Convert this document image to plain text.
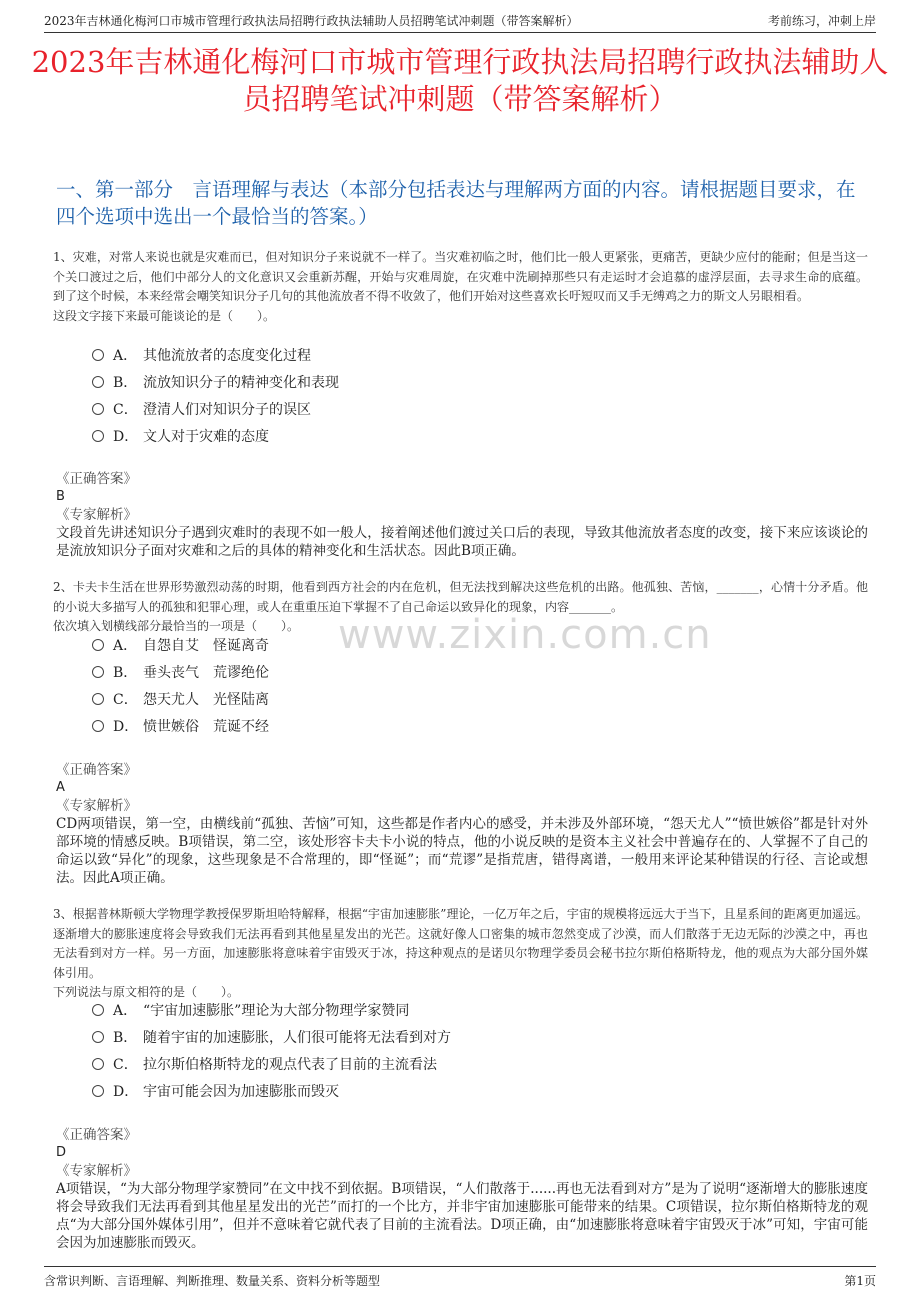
2023年吉林通化梅河口市城市管理行政执法局招聘行政执法辅助人员招聘笔试冲刺题（带答案解析）	考前练习，冲刺上岸
2023年吉林通化梅河口市城市管理行政执法局招聘行政执法辅助人员招聘笔试冲刺题（带答案解析）
一、第一部分　言语理解与表达（本部分包括表达与理解两方面的内容。请根据题目要求，在四个选项中选出一个最恰当的答案。）
1、灾难，对常人来说也就是灾难而已，但对知识分子来说就不一样了。当灾难初临之时，他们比一般人更紧张，更痛苦，更缺少应付的能耐；但是当这一个关口渡过之后，他们中部分人的文化意识又会重新苏醒，开始与灾难周旋，在灾难中洗刷掉那些只有走运时才会追慕的虚浮层面，去寻求生命的底蕴。到了这个时候，本来经常会嘲笑知识分子几句的其他流放者不得不收敛了，他们开始对这些喜欢长吁短叹而又手无缚鸡之力的斯文人另眼相看。
这段文字接下来最可能谈论的是（　　）。
A． 其他流放者的态度变化过程
B． 流放知识分子的精神变化和表现
C． 澄清人们对知识分子的误区
D． 文人对于灾难的态度
《正确答案》
B
《专家解析》
文段首先讲述知识分子遇到灾难时的表现不如一般人，接着阐述他们渡过关口后的表现，导致其他流放者态度的改变，接下来应该谈论的是流放知识分子面对灾难和之后的具体的精神变化和生活状态。因此B项正确。
2、卡夫卡生活在世界形势激烈动荡的时期，他看到西方社会的内在危机，但无法找到解决这些危机的出路。他孤独、苦恼，_______，心情十分矛盾。他的小说大多描写人的孤独和犯罪心理，或人在重重压迫下掌握不了自己命运以致异化的现象，内容_______。
依次填入划横线部分最恰当的一项是（　　）。
A． 自怨自艾　怪诞离奇
B． 垂头丧气　荒谬绝伦
C． 怨天尤人　光怪陆离
D． 愤世嫉俗　荒诞不经
《正确答案》
A
《专家解析》
CD两项错误，第一空，由横线前“孤独、苦恼”可知，这些都是作者内心的感受，并未涉及外部环境，“怨天尤人”“愤世嫉俗”都是针对外部环境的情感反映。B项错误，第二空，该处形容卡夫卡小说的特点，他的小说反映的是资本主义社会中普遍存在的、人掌握不了自己的命运以致“异化”的现象，这些现象是不合常理的，即“怪诞”；而“荒谬”是指荒唐，错得离谱，一般用来评论某种错误的行径、言论或想法。因此A项正确。
3、根据普林斯顿大学物理学教授保罗斯坦哈特解释，根据“宇宙加速膨胀”理论，一亿万年之后，宇宙的规模将远远大于当下，且星系间的距离更加遥远。逐渐增大的膨胀速度将会导致我们无法再看到其他星星发出的光芒。这就好像人口密集的城市忽然变成了沙漠，而人们散落于无边无际的沙漠之中，再也无法看到对方一样。另一方面，加速膨胀将意味着宇宙毁灭于冰，持这种观点的是诺贝尔物理学委员会秘书拉尔斯伯格斯特龙，他的观点为大部分国外媒体引用。
下列说法与原文相符的是（　　）。
A． “宇宙加速膨胀”理论为大部分物理学家赞同
B． 随着宇宙的加速膨胀，人们很可能将无法看到对方
C． 拉尔斯伯格斯特龙的观点代表了目前的主流看法
D． 宇宙可能会因为加速膨胀而毁灭
《正确答案》
D
《专家解析》
A项错误，“为大部分物理学家赞同”在文中找不到依据。B项错误，“人们散落于......再也无法看到对方”是为了说明“逐渐增大的膨胀速度将会导致我们无法再看到其他星星发出的光芒”而打的一个比方，并非宇宙加速膨胀可能带来的结果。C项错误，拉尔斯伯格斯特龙的观点“为大部分国外媒体引用”，但并不意味着它就代表了目前的主流看法。D项正确，由“加速膨胀将意味着宇宙毁灭于冰”可知，宇宙可能会因为加速膨胀而毁灭。
www.zixin.com.cn
含常识判断、言语理解、判断推理、数量关系、资料分析等题型	第1页
